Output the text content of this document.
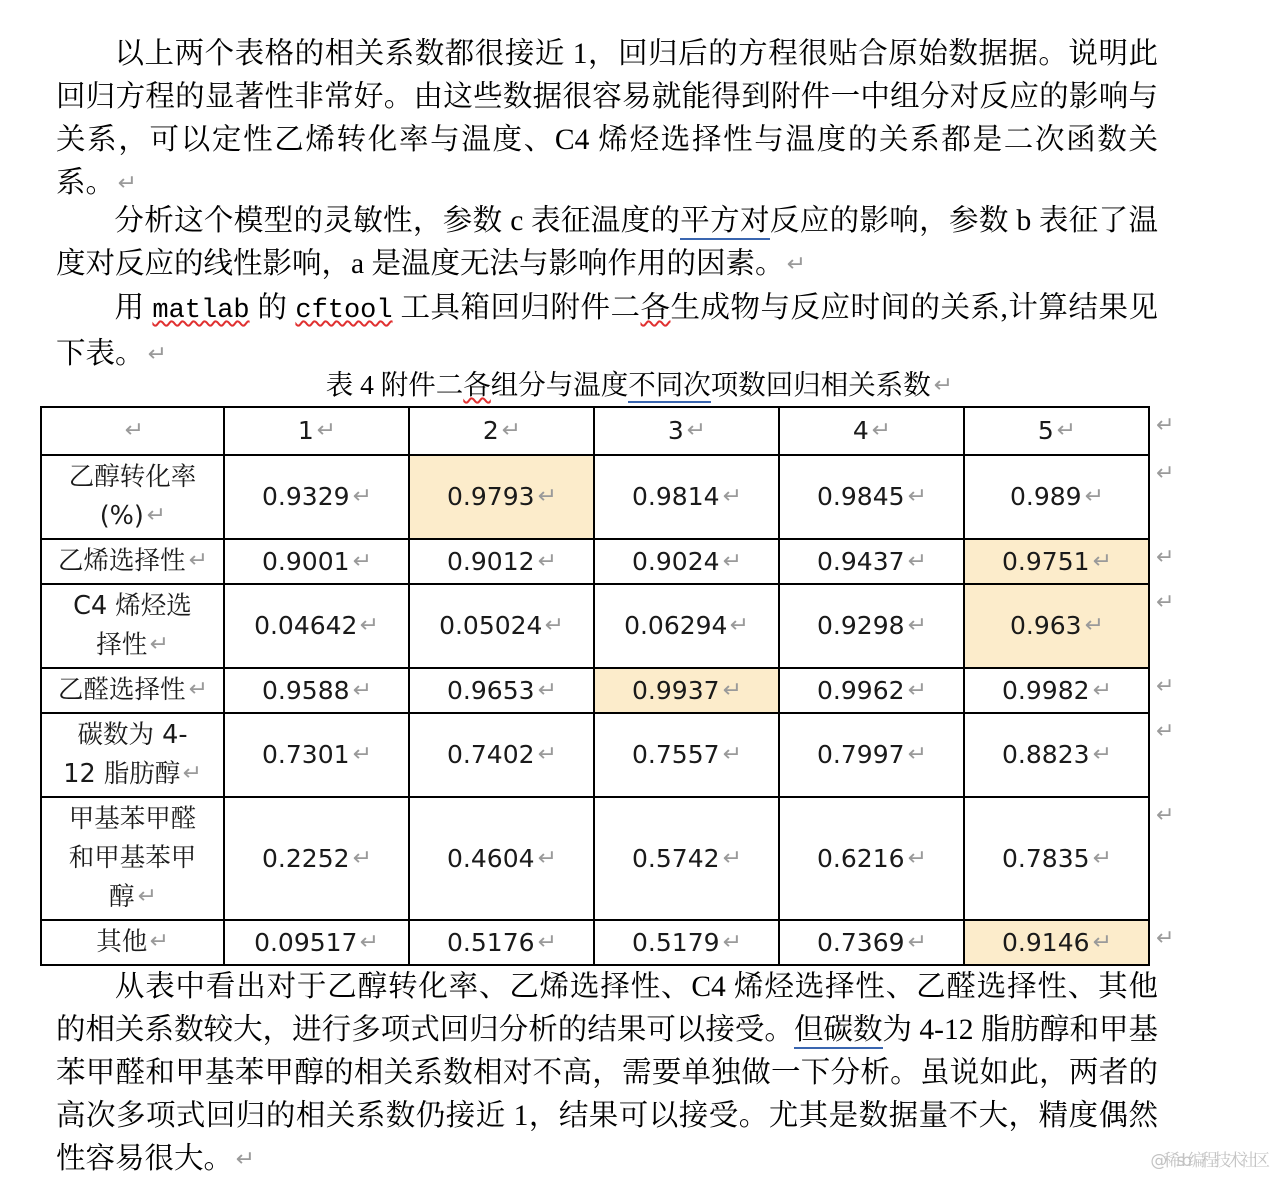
以上两个表格的相关系数都很接近 1，回归后的方程很贴合原始数据据。说明此回归方程的显著性非常好。由这些数据很容易就能得到附件一中组分对反应的影响与关系，可以定性乙烯转化率与温度、C4 烯烃选择性与温度的关系都是二次函数关系。 ↵
分析这个模型的灵敏性，参数 c 表征温度的平方对反应的影响，参数 b 表征了温度对反应的线性影响，a 是温度无法与影响作用的因素。 ↵
用 matlab 的 cftool 工具箱回归附件二各生成物与反应时间的关系,计算结果见下表。 ↵
表 4 附件二各组分与温度不同次项数回归相关系数 ↵
↵	1 ↵	2 ↵	3 ↵	4 ↵	5 ↵
乙醇转化率
(%) ↵	0.9329 ↵	0.9793 ↵	0.9814 ↵	0.9845 ↵	0.989 ↵
乙烯选择性 ↵	0.9001 ↵	0.9012 ↵	0.9024 ↵	0.9437 ↵	0.9751 ↵
C4 烯烃选
择性 ↵	0.04642 ↵	0.05024 ↵	0.06294 ↵	0.9298 ↵	0.963 ↵
乙醛选择性 ↵	0.9588 ↵	0.9653 ↵	0.9937 ↵	0.9962 ↵	0.9982 ↵
碳数为 4-
12 脂肪醇 ↵	0.7301 ↵	0.7402 ↵	0.7557 ↵	0.7997 ↵	0.8823 ↵
甲基苯甲醛
和甲基苯甲
醇 ↵	0.2252 ↵	0.4604 ↵	0.5742 ↵	0.6216 ↵	0.7835 ↵
其他 ↵	0.09517 ↵	0.5176 ↵	0.5179 ↵	0.7369 ↵	0.9146 ↵
↵
↵
↵
↵
↵
↵
↵
↵
@稀sb编程技术社区
从表中看出对于乙醇转化率、乙烯选择性、C4 烯烃选择性、乙醛选择性、其他的相关系数较大，进行多项式回归分析的结果可以接受。但碳数为 4-12 脂肪醇和甲基苯甲醛和甲基苯甲醇的相关系数相对不高，需要单独做一下分析。虽说如此，两者的高次多项式回归的相关系数仍接近 1，结果可以接受。尤其是数据量不大，精度偶然性容易很大。 ↵
